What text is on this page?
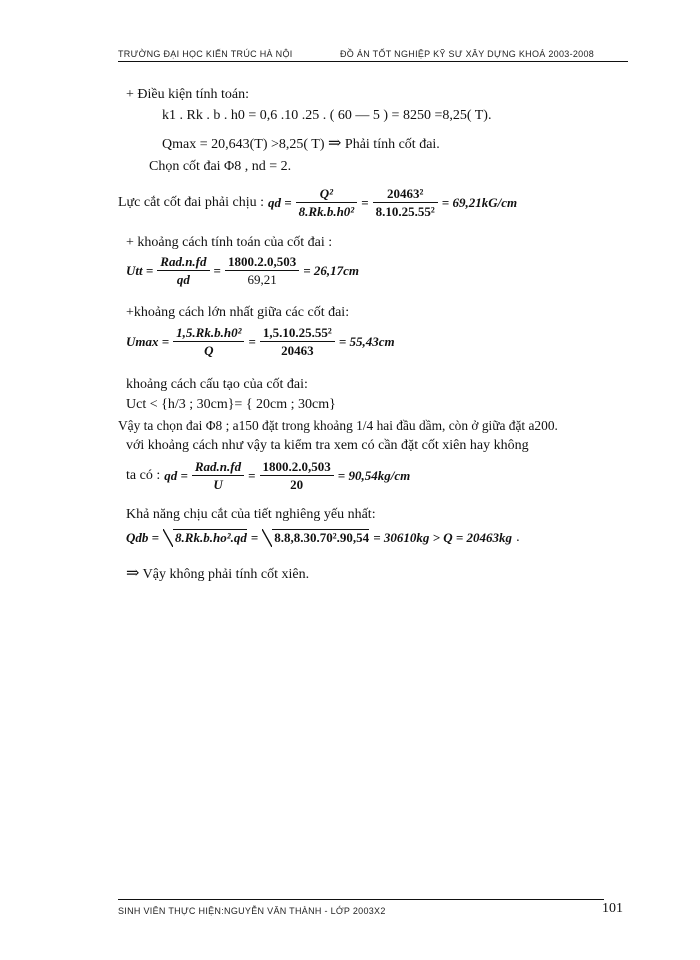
TRƯỜNG ĐẠI HỌC KIẾN TRÚC HÀ NỘI	ĐỒ ÁN TỐT NGHIỆP KỸ SƯ XÂY DỰNG KHOÁ 2003-2008
+ Điều kiện tính toán:
k1 . Rk . b . h0 = 0,6 .10 .25 . ( 60 — 5 ) = 8250 =8,25( T).
Qmax = 20,643(T) >8,25( T) ⇒ Phải tính cốt đai.
Chọn cốt đai Φ8 , nd = 2.
Lực cắt cốt đai phải chịu : qd = $\frac{\text{Q²}}{\text{8.Rk.b.h0²}} = \frac{\text{20463²}}{\text{8.10.25.55²}} = 69,21kG/cm$
+ khoảng cách tính toán của cốt đai :
Utt = $\frac{\text{Rad.n.fd}}{qd} = \frac{1800.2.0,503}{69,21} = 26,17cm$
+khoảng cách lớn nhất giữa các cốt đai:
$Umax = \frac{\text{1,5.Rk.b.h0²}}{Q} = \frac{\text{1,5.10.25.55²}}{20463} = 55,43cm$
khoảng cách cấu tạo của cốt đai:
Uct < {h/3 ; 30cm}= { 20cm ; 30cm}
Vậy ta chọn đai Φ8 ; a150 đặt trong khoảng 1/4 hai đầu dầm, còn ở giữa đặt a200.
với khoảng cách như vậy ta kiểm tra xem có cần đặt cốt xiên hay không
ta có : qd = $\frac{\text{Rad.n.fd}}{U} = \frac{1800.2.0,503}{20} = 90,54kg/cm$
Khả năng chịu cắt của tiết nghiêng yếu nhất:
Qdb = 8.Rk.b.ho².qd = 8.8,8.30.70².90,54 = 30610kg > Q = 20463kg .
⇒ Vậy không phải tính cốt xiên.
SINH VIÊN THỰC HIỆN:NGUYỄN VĂN THÀNH - LỚP 2003X2	101
